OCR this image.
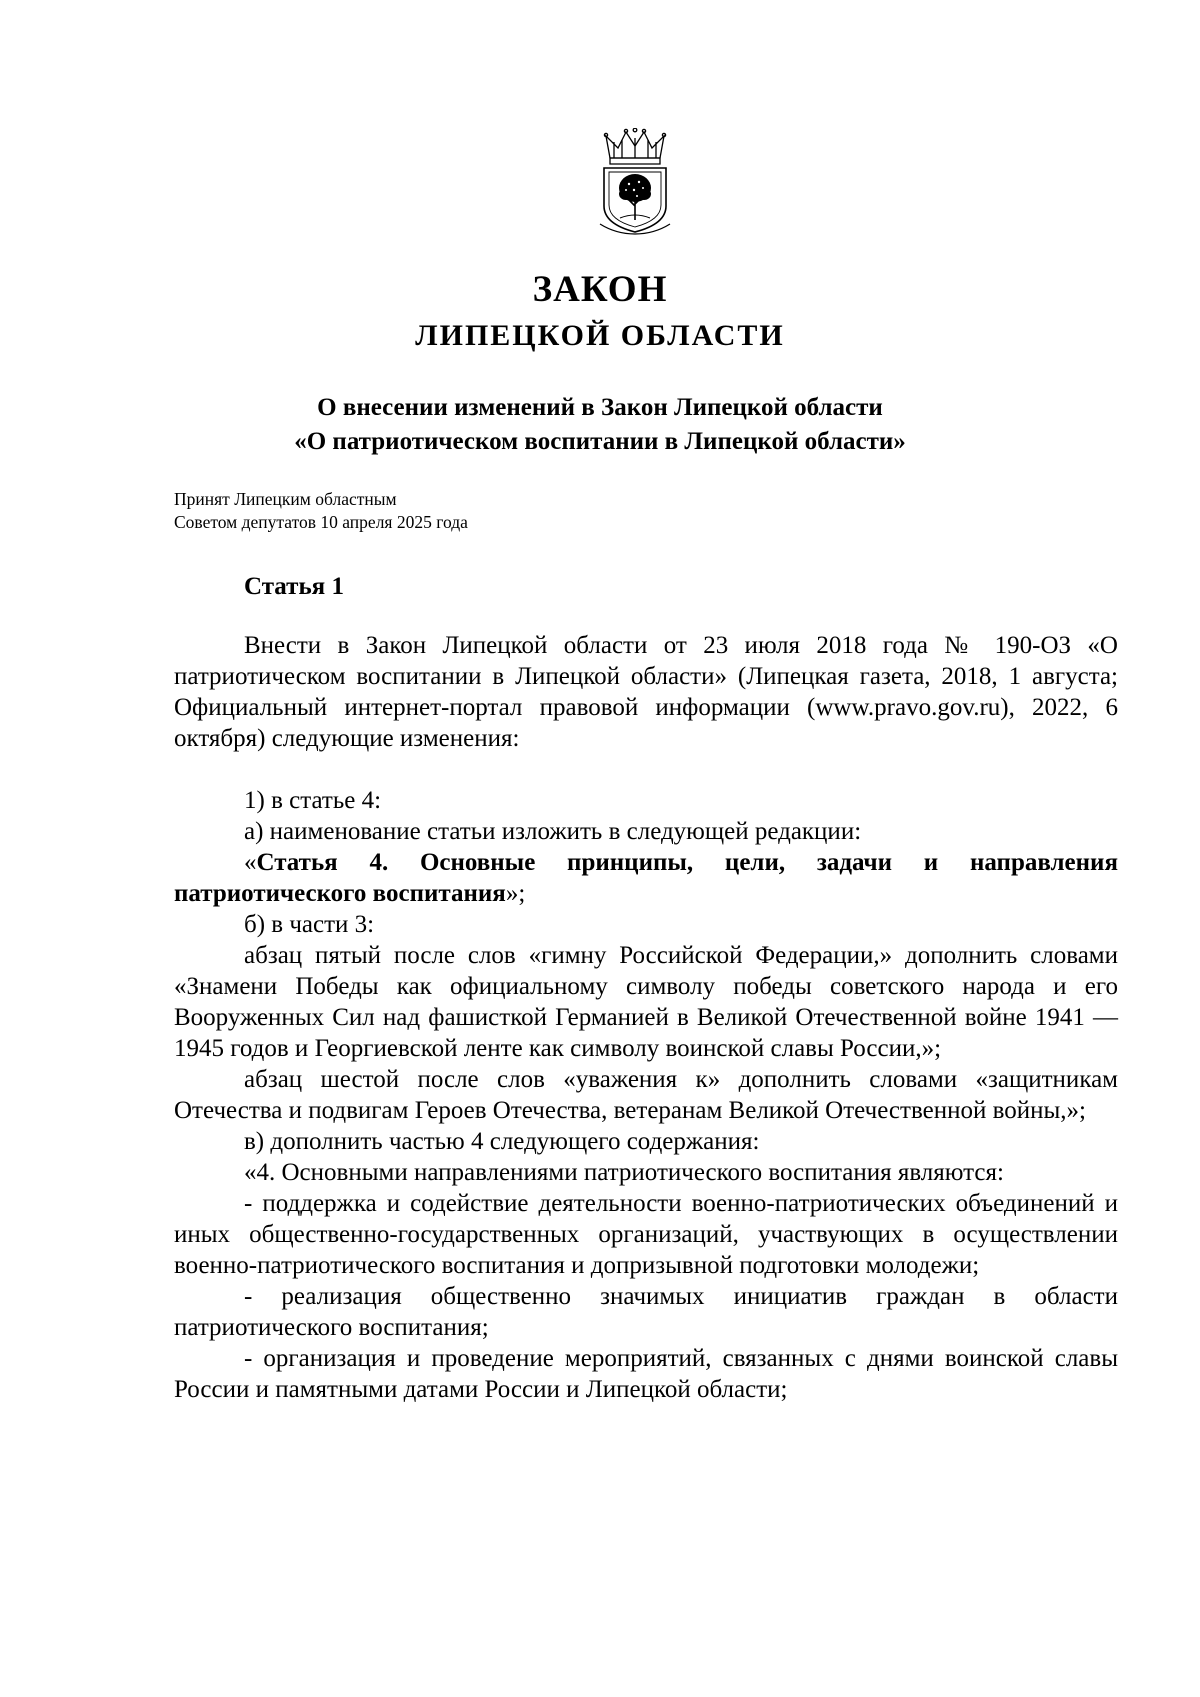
ЗАКОН
ЛИПЕЦКОЙ ОБЛАСТИ
О внесении изменений в Закон Липецкой области
«О патриотическом воспитании в Липецкой области»
Принят Липецким областным
Советом депутатов 10 апреля 2025 года
Статья 1

Внести в Закон Липецкой области от 23 июля 2018 года № 190-ОЗ «О патриотическом воспитании в Липецкой области» (Липецкая газета, 2018, 1 августа; Официальный интернет-портал правовой информации (www.pravo.gov.ru), 2022, 6 октября) следующие изменения:

1) в статье 4:

а) наименование статьи изложить в следующей редакции:

«Статья 4. Основные принципы, цели, задачи и направления патриотического воспитания»;

б) в части 3:

абзац пятый после слов «гимну Российской Федерации,» дополнить словами «Знамени Победы как официальному символу победы советского народа и его Вооруженных Сил над фашисткой Германией в Великой Отечественной войне 1941 — 1945 годов и Георгиевской ленте как символу воинской славы России,»;

абзац шестой после слов «уважения к» дополнить словами «защитникам Отечества и подвигам Героев Отечества, ветеранам Великой Отечественной войны,»;

в) дополнить частью 4 следующего содержания:

«4. Основными направлениями патриотического воспитания являются:

- поддержка и содействие деятельности военно-патриотических объединений и иных общественно-государственных организаций, участвующих в осуществлении военно-патриотического воспитания и допризывной подготовки молодежи;

- реализация общественно значимых инициатив граждан в области патриотического воспитания;

- организация и проведение мероприятий, связанных с днями воинской славы России и памятными датами России и Липецкой области;
